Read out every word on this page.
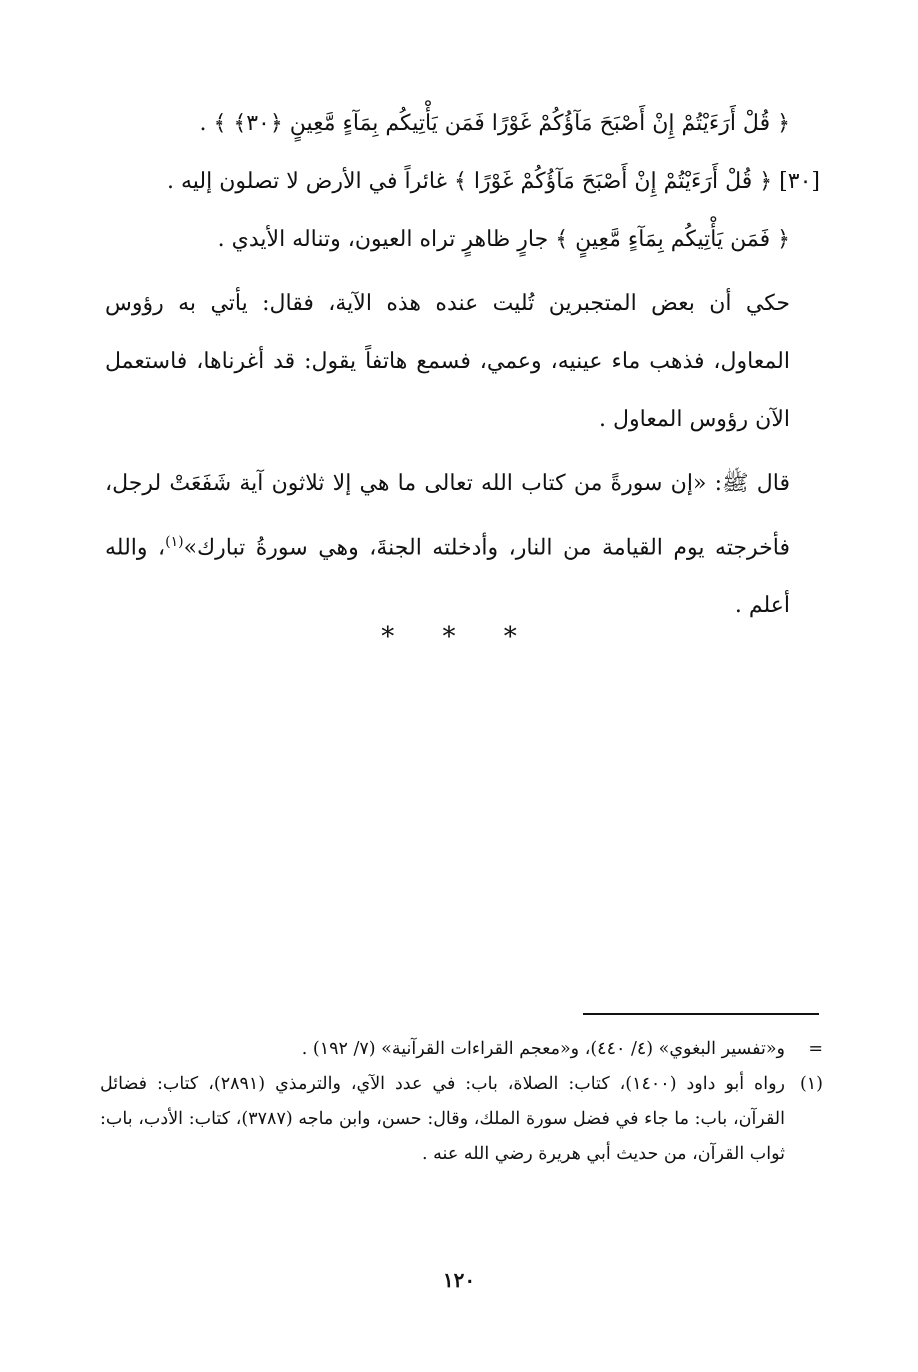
﴿ قُلْ أَرَءَيْتُمْ إِنْ أَصْبَحَ مَآؤُكُمْ غَوْرًا فَمَن يَأْتِيكُم بِمَآءٍ مَّعِينٍ ﴿٣٠﴾ ﴾ .

[٣٠] ﴿ قُلْ أَرَءَيْتُمْ إِنْ أَصْبَحَ مَآؤُكُمْ غَوْرًا ﴾ غائراً في الأرض لا تصلون إليه .

﴿ فَمَن يَأْتِيكُم بِمَآءٍ مَّعِينٍ ﴾ جارٍ ظاهرٍ تراه العيون، وتناله الأيدي .

حكي أن بعض المتجبرين تُليت عنده هذه الآية، فقال: يأتي به رؤوس المعاول، فذهب ماء عينيه، وعمي، فسمع هاتفاً يقول: قد أغرناها، فاستعمل الآن رؤوس المعاول .

قال ﷺ: «إن سورةً من كتاب الله تعالى ما هي إلا ثلاثون آية شَفَعَتْ لرجل، فأخرجته يوم القيامة من النار، وأدخلته الجنةَ، وهي سورةُ تبارك»$^{(١)}$، والله أعلم .

* * *
=
و«تفسير البغوي» (٤/ ٤٤٠)، و«معجم القراءات القرآنية» (٧/ ١٩٢) .
(١)
رواه أبو داود (١٤٠٠)، كتاب: الصلاة، باب: في عدد الآي، والترمذي (٢٨٩١)، كتاب: فضائل القرآن، باب: ما جاء في فضل سورة الملك، وقال: حسن، وابن ماجه (٣٧٨٧)، كتاب: الأدب، باب: ثواب القرآن، من حديث أبي هريرة رضي الله عنه .
١٢٠
